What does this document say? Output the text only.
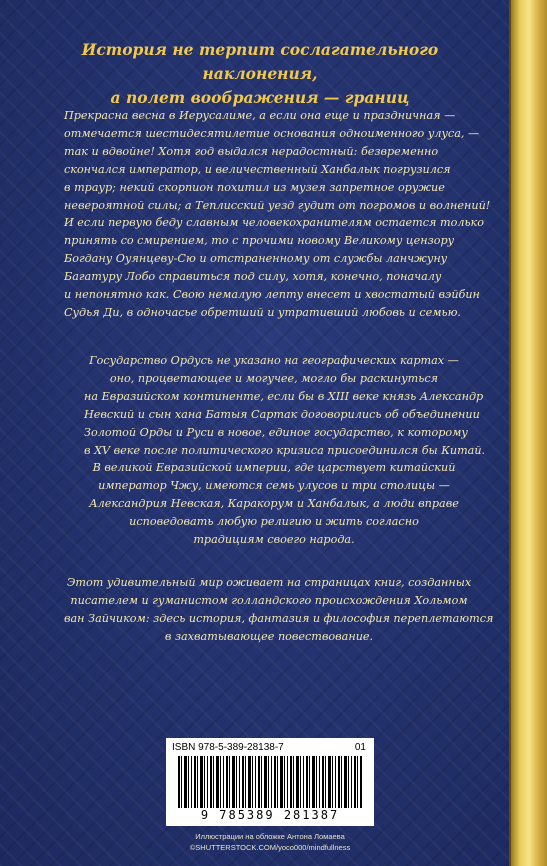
История не терпит сослагательного наклонения,
а полет воображения — границ
Прекрасна весна в Иерусалиме, а если она еще и праздничная —
отмечается шестидесятилетие основания одноименного улуса, —
так и вдвойне! Хотя год выдался нерадостный: безвременно
скончался император, и величественный Ханбалык погрузился
в траур; некий скорпион похитил из музея запретное оружие
невероятной силы; а Теплисский уезд гудит от погромов и волнений!
И если первую беду славным человекохранителям остается только
принять со смирением, то с прочими новому Великому цензору
Богдану Оуянцеву-Сю и отстраненному от службы ланчжуну
Багатуру Лобо справиться под силу, хотя, конечно, поначалу
и непонятно как. Свою немалую лепту внесет и хвостатый вэйбин
Судья Ди, в одночасье обретший и утративший любовь и семью.
Государство Ордусь не указано на географических картах —
оно, процветающее и могучее, могло бы раскинуться
на Евразийском континенте, если бы в XIII веке князь Александр
Невский и сын хана Батыя Сартак договорились об объединении
Золотой Орды и Руси в новое, единое государство, к которому
в XV веке после политического кризиса присоединился бы Китай.
В великой Евразийской империи, где царствует китайский
император Чжу, имеются семь улусов и три столицы —
Александрия Невская, Каракорум и Ханбалык, а люди вправе
исповедовать любую религию и жить согласно
традициям своего народа.
Этот удивительный мир оживает на страницах книг, созданных
писателем и гуманистом голландского происхождения Хольмом
ван Зайчиком: здесь история, фантазия и философия переплетаются
в захватывающее повествование.
ISBN 978-5-389-28138-7	01
9 785389 281387
Иллюстрации на обложке Антона Ломаева
©SHUTTERSTOCK.COM/yoco000/mindfullness
